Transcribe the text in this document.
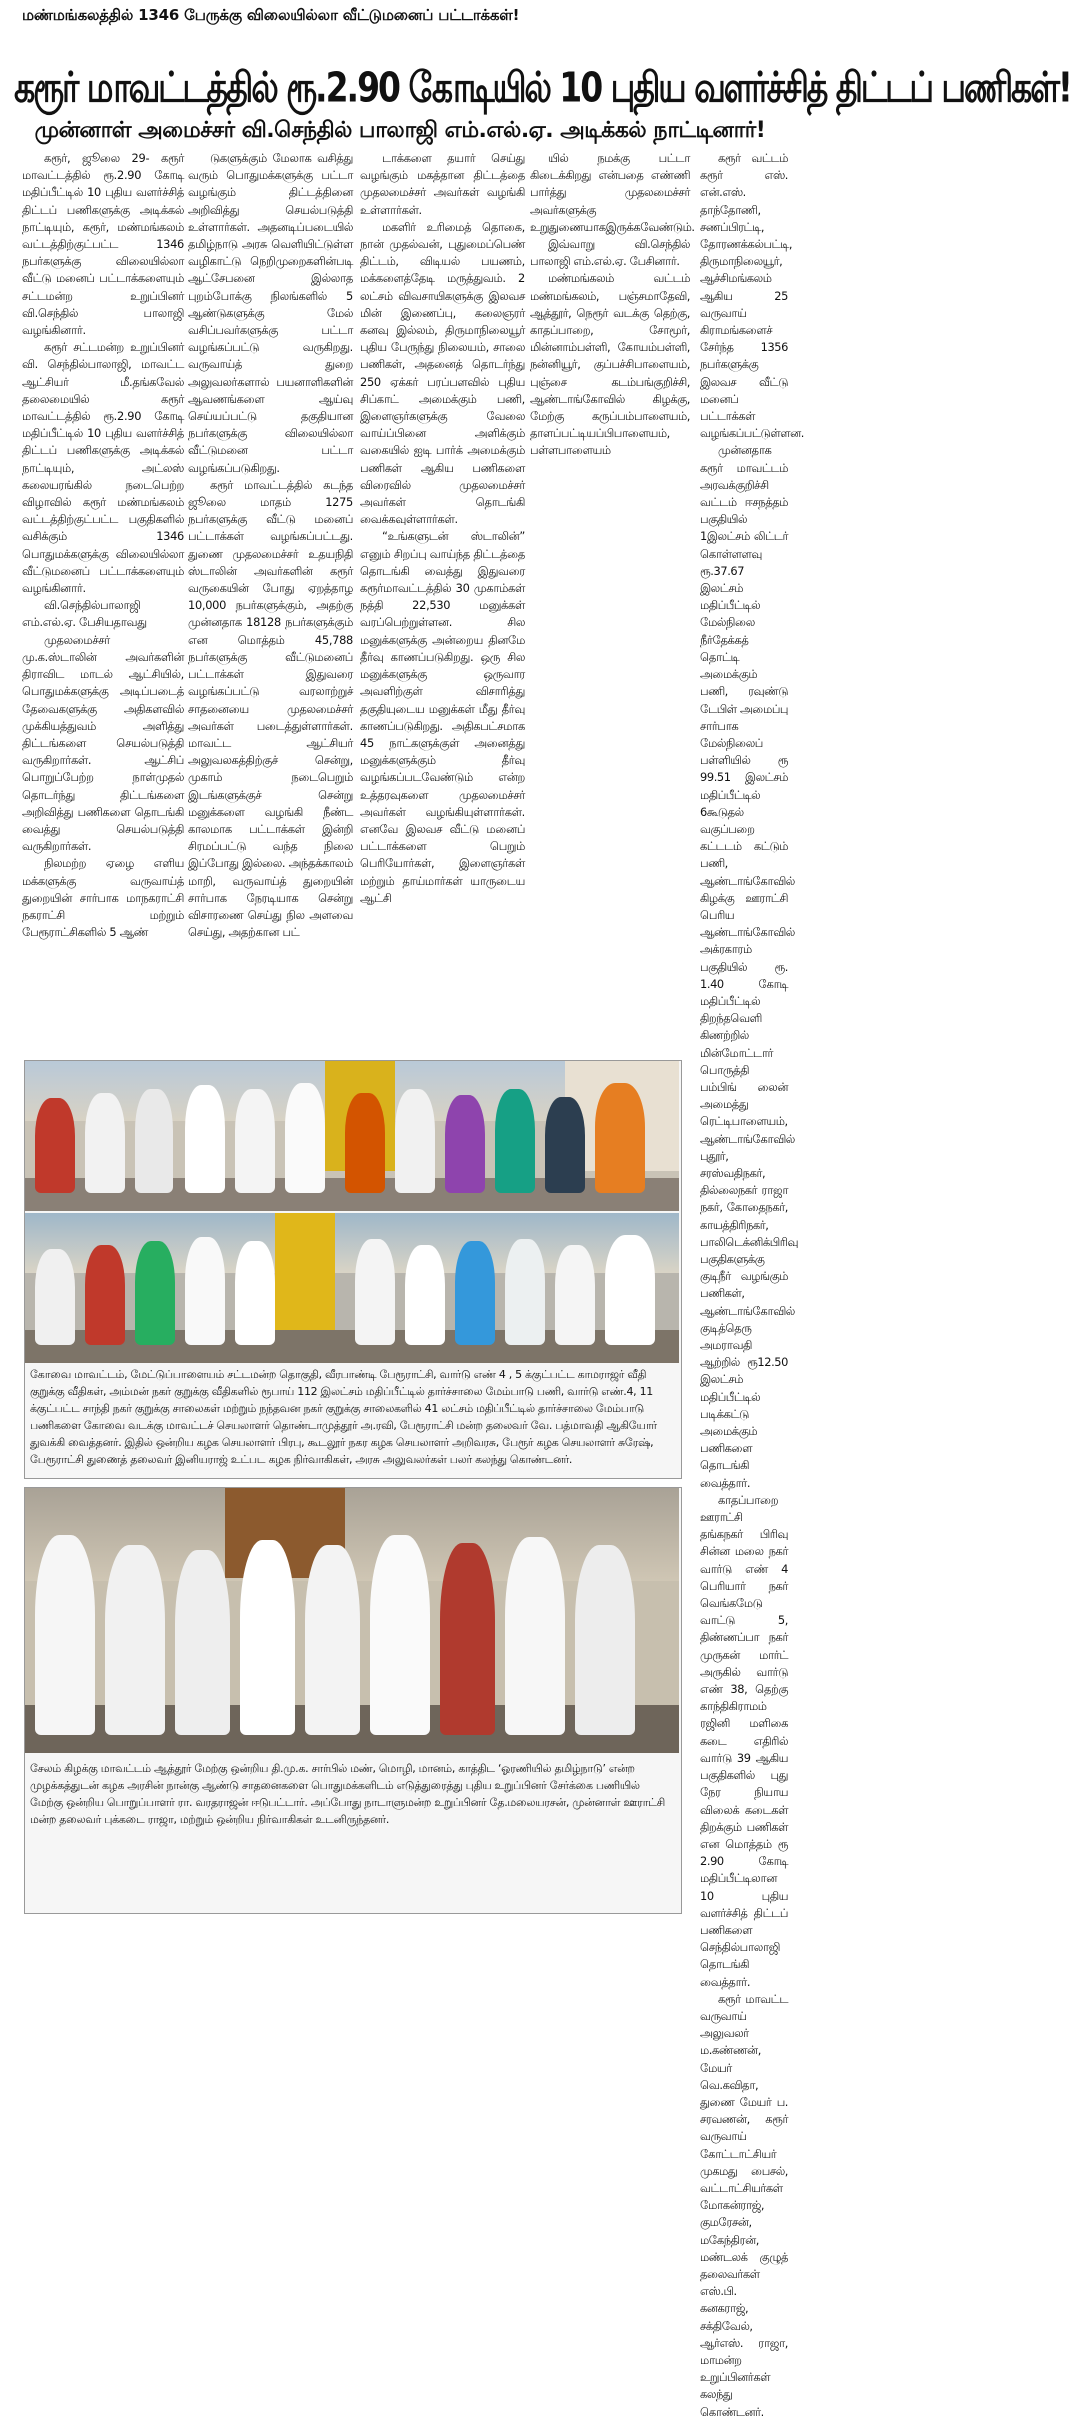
மண்மங்கலத்தில் 1346 பேருக்கு விலையில்லா வீட்டுமனைப் பட்டாக்கள்!
கரூர் மாவட்டத்தில் ரூ.2.90 கோடியில் 10 புதிய வளர்ச்சித் திட்டப் பணிகள்!
முன்னாள் அமைச்சர் வி.செந்தில் பாலாஜி எம்.எல்.ஏ. அடிக்கல் நாட்டினார்!

கரூர், ஜூலை 29- கரூர் மாவட்டத்தில் ரூ.2.90 கோடி மதிப்பீட்டில் 10 புதிய வளர்ச்சித் திட்டப் பணிகளுக்கு அடிக்கல் நாட்டியும், கரூர், மண்மங்கலம் வட்டத்திற்குட்பட்ட 1346 நபர்களுக்கு விலையில்லா வீட்டு மனைப் பட்டாக்களையும் சட்டமன்ற உறுப்பினர் வி.செந்தில் பாலாஜி வழங்கினார்.

கரூர் சட்டமன்ற உறுப்பினர் வி. செந்தில்பாலாஜி, மாவட்ட ஆட்சியர் மீ.தங்கவேல் தலைமையில் கரூர் மாவட்டத்தில் ரூ.2.90 கோடி மதிப்பீட்டில் 10 புதிய வளர்ச்சித் திட்டப் பணிகளுக்கு அடிக்கல் நாட்டியும், அட்லஸ் கலையரங்கில் நடைபெற்ற விழாவில் கரூர் மண்மங்கலம் வட்டத்திற்குட்பட்ட பகுதிகளில் வசிக்கும் 1346 பொதுமக்களுக்கு விலையில்லா வீட்டுமனைப் பட்டாக்களையும் வழங்கினார்.

வி.செந்தில்பாலாஜி எம்.எல்.ஏ. பேசியதாவது

முதலமைச்சர் மு.க.ஸ்டாலின் அவர்களின் திராவிட மாடல் ஆட்சியில், பொதுமக்களுக்கு அடிப்படைத் தேவைகளுக்கு அதிகளவில் முக்கியத்துவம் அளித்து திட்டங்களை செயல்படுத்தி வருகிறார்கள். ஆட்சிப் பொறுப்பேற்ற நாள்முதல் தொடர்ந்து திட்டங்களை அறிவித்து பணிகளை தொடங்கி வைத்து செயல்படுத்தி வருகிறார்கள்.

நிலமற்ற ஏழை எளிய மக்களுக்கு வருவாய்த் துறையின் சார்பாக மாநகராட்சி நகராட்சி மற்றும் பேரூராட்சிகளில் 5 ஆண்

டுகளுக்கும் மேலாக வசித்து வரும் பொதுமக்களுக்கு பட்டா வழங்கும் திட்டத்தினை அறிவித்து செயல்படுத்தி உள்ளார்கள். அதனடிப்படையில் தமிழ்நாடு அரசு வெளியிட்டுள்ள வழிகாட்டு நெறிமுறைகளின்படி ஆட்சேபனை இல்லாத புறம்போக்கு நிலங்களில் 5 ஆண்டுகளுக்கு மேல் வசிப்பவர்களுக்கு பட்டா வழங்கப்பட்டு வருகிறது. வருவாய்த் துறை அலுவலர்களால் பயனாளிகளின் ஆவணங்களை ஆய்வு செய்யப்பட்டு தகுதியான நபர்களுக்கு விலையில்லா வீட்டுமனை பட்டா வழங்கப்படுகிறது.

கரூர் மாவட்டத்தில் கடந்த ஜூலை மாதம் 1275 நபர்களுக்கு வீட்டு மனைப் பட்டாக்கள் வழங்கப்பட்டது. துணை முதலமைச்சர் உதயநிதி ஸ்டாலின் அவர்களின் கரூர் வருகையின் போது ஏறத்தாழ 10,000 நபர்களுக்கும், அதற்கு முன்னதாக 18128 நபர்களுக்கும் என மொத்தம் 45,788 நபர்களுக்கு வீட்டுமனைப் பட்டாக்கள் இதுவரை வழங்கப்பட்டு வரலாற்றுச் சாதனையை முதலமைச்சர் அவர்கள் படைத்துள்ளார்கள். மாவட்ட ஆட்சியர் அலுவலகத்திற்குச் சென்று, முகாம் நடைபெறும் இடங்களுக்குச் சென்று மனுக்களை வழங்கி நீண்ட காலமாக பட்டாக்கள் இன்றி சிரமப்பட்டு வந்த நிலை இப்போது இல்லை. அந்தக்காலம் மாறி, வருவாய்த் துறையின் சார்பாக நேரடியாக சென்று விசாரணை செய்து நில அளவை செய்து, அதற்கான பட்

டாக்களை தயார் செய்து வழங்கும் மகத்தான திட்டத்தை முதலமைச்சர் அவர்கள் வழங்கி உள்ளார்கள்.

மகளிர் உரிமைத் தொகை, நான் முதல்வன், புதுமைப்பெண் திட்டம், விடியல் பயணம், மக்களைத்தேடி மருத்துவம். 2 லட்சம் விவசாயிகளுக்கு இலவச மின் இணைப்பு, கலைஞரர் கனவு இல்லம், திருமாநிலையூர் புதிய பேருந்து நிலையம், சாலை பணிகள், அதனைத் தொடர்ந்து 250 ஏக்கர் பரப்பளவில் புதிய சிப்காட் அமைக்கும் பணி, இளைஞர்களுக்கு வேலை வாய்ப்பினை அளிக்கும் வகையில் ஐடி பார்க் அமைக்கும் பணிகள் ஆகிய பணிகளை விரைவில் முதலமைச்சர் அவர்கள் தொடங்கி வைக்கவுள்ளார்கள்.

“உங்களுடன் ஸ்டாலின்” எனும் சிறப்பு வாய்ந்த திட்டத்தை தொடங்கி வைத்து இதுவரை கரூர்மாவட்டத்தில் 30 முகாம்கள் நத்தி 22,530 மனுக்கள் வரப்பெற்றுள்ளன. சில மனுக்களுக்கு அன்றைய தினமே தீர்வு காணப்படுகிறது. ஒரு சில மனுக்களுக்கு ஒருவார அவளிற்குள் விசாரித்து தகுதியுடைய மனுக்கள் மீது தீர்வு காணப்படுகிறது. அதிகபட்சமாக 45 நாட்களுக்குள் அனைத்து மனுக்களுக்கும் தீர்வு வழங்கப்படவேண்டும் என்ற உத்தரவுகளை முதலமைச்சர் அவர்கள் வழங்கியுள்ளார்கள். எனவே இலவச வீட்டு மனைப் பட்டாக்களை பெறும் பெரியோர்கள், இளைஞர்கள் மற்றும் தாய்மார்கள் யாருடைய ஆட்சி

யில் நமக்கு பட்டா கிடைக்கிறது என்பதை எண்ணி பார்த்து முதலமைச்சர் அவர்களுக்கு உறுதுணையாகஇருக்கவேண்டும்.

இவ்வாறு வி.செந்தில் பாலாஜி எம்.எல்.ஏ. பேசினார்.

மண்மங்கலம் வட்டம் மண்மங்கலம், பஞ்சமாதேவி, ஆத்தூர், நெரூர் வடக்கு தெற்கு, காதப்பாறை, சோமூர், மின்னாம்பள்ளி, கோயம்பள்ளி, நன்னியூர், குப்பச்சிபாளையம், புஞ்சை கடம்பங்குறிச்சி, ஆண்டாங்கோவில் கிழக்கு, மேற்கு கருப்பம்பாளையம், தாளப்பட்டியப்பிபாளையம், பள்ளபாளையம்

கரூர் வட்டம் கரூர் எஸ். என்.எஸ். தாந்தோணி, சணப்பிரட்டி, தோரணக்கல்பட்டி, திருமாநிலையூர், ஆச்சிமங்கலம் ஆகிய 25 வருவாய் கிராமங்களைச் சேர்ந்த 1356 நபர்களுக்கு இலவச வீட்டு மனைப் பட்டாக்கள் வழங்கப்பட்டுள்ளன.

முன்னதாக கரூர் மாவட்டம் அரவக்குறிச்சி வட்டம் ஈசநத்தம் பகுதியில் 1இலட்சம் லிட்டர் கொள்ளளவு ரூ.37.67 இலட்சம் மதிப்பீட்டில் மேல்நிலை நீர்தேக்கத் தொட்டி அமைக்கும் பணி, ரவுண்டு டேபிள் அமைப்பு சார்பாக மேல்நிலைப் பள்ளியில் ரூ 99.51 இலட்சம் மதிப்பீட்டில் 6கூடுதல் வகுப்பறை கட்டடம் கட்டும் பணி, ஆண்டாங்கோவில் கிழக்கு ஊராட்சி பெரிய ஆண்டாங்கோவில் அக்ரகாரம் பகுதியில் ரூ. 1.40 கோடி மதிப்பீட்டில் திறந்தவெளி கிணற்றில் மின்மோட்டார் பொருத்தி பம்பிங் லைன் அமைத்து ரெட்டிபாளையம், ஆண்டாங்கோவில் புதூர், சரஸ்வதிநகர், தில்லைநகர் ராஜா நகர், கோதைநகர், காயத்திரிநகர், பாலிடெக்னிக்பிரிவு பகுதிகளுக்கு குடிநீர் வழங்கும் பணிகள், ஆண்டாங்கோவில் குடித்தெரு அமராவதி ஆற்றில் ரூ12.50 இலட்சம் மதிப்பீட்டில் படிக்கட்டு அமைக்கும் பணிகளை தொடங்கி வைத்தார்.

காதப்பாறை ஊராட்சி தங்கநகர் பிரிவு சின்ன மலை நகர் வார்டு எண் 4 பெரியார் நகர் வெங்கமேடு வாட்டு 5, திண்ணப்பா நகர் முருகன் மார்ட் அருகில் வார்டு எண் 38, தெற்கு காந்திகிராமம் ரஜினி மளிகை கடை எதிரில் வார்டு 39 ஆகிய பகுதிகளில் புது நேர நியாய விலைக் கடைகள் திறக்கும் பணிகள் என மொத்தம் ரூ 2.90 கோடி மதிப்பீட்டிலான 10 புதிய வளர்ச்சித் திட்டப் பணிகளை செந்தில்பாலாஜி தொடங்கி வைத்தார்.

கரூர் மாவட்ட வருவாய் அலுவலர் ம.கண்ணன், மேயர் வெ.கவிதா, துணை மேயர் ப. சரவணன், கரூர் வருவாய் கோட்டாட்சியர் முகமது பைசல், வட்டாட்சியர்கள் மோகன்ராஜ், குமரேசன், மகேந்திரன், மண்டலக் குழுத் தலைவர்கள் எஸ்.பி. கனகராஜ், சக்திவேல், ஆர்எஸ். ராஜா, மாமன்ற உறுப்பினர்கள் கலந்து கொண்டனர்.

கோவை மாவட்டம், மேட்டுப்பாளையம் சட்டமன்ற தொகுதி, வீரபாண்டி பேரூராட்சி, வார்டு எண் 4 , 5 க்குட்பட்ட காமராஜர் வீதி குறுக்கு வீதிகள், அம்மன் நகர் குறுக்கு வீதிகளில் ரூபாய் 112 இலட்சம் மதிப்பீட்டில் தார்ச்சாலை மேம்பாடு பணி, வார்டு எண்.4, 11 க்குட்பட்ட சாந்தி நகர் குறுக்கு சாலைகள் மற்றும் நந்தவன நகர் குறுக்கு சாலைகளில் 41 லட்சம் மதிப்பீட்டில் தார்ச்சாலை மேம்பாடு பணிகளை கோவை வடக்கு மாவட்டச் செயலாளர் தொண்டாமுத்தூர் அ.ரவி, பேரூராட்சி மன்ற தலைவர் வே. பத்மாவதி ஆகியோர் துவக்கி வைத்தனர். இதில் ஒன்றிய கழக செயலாளர் பிரபு, கூடலூர் நகர கழக செயலாளர் அறிவரசு, பேரூர் கழக செயலாளர் சுரேஷ், பேரூராட்சி துணைத் தலைவர் இனியராஜ் உட்பட கழக நிர்வாகிகள், அரசு அலுவலர்கள் பலர் கலந்து கொண்டனர்.
சேலம் கிழக்கு மாவட்டம் ஆத்தூர் மேற்கு ஒன்றிய தி.மு.க. சார்பில் மண், மொழி, மானம், காத்திட ‘ஓரணியில் தமிழ்நாடு’ என்ற முழக்கத்துடன் கழக அரசின் நான்கு ஆண்டு சாதனைகளை பொதுமக்களிடம் எடுத்துரைத்து புதிய உறுப்பினர் சேர்க்கை பணியில் மேற்கு ஒன்றிய பொறுப்பாளர் ரா. வரதராஜன் ஈடுபட்டார். அப்போது நாடாளுமன்ற உறுப்பினர் தே.மலையரசன், முன்னாள் ஊராட்சி மன்ற தலைவர் புக்கடை ராஜா, மற்றும் ஒன்றிய நிர்வாகிகள் உடனிருந்தனர்.
